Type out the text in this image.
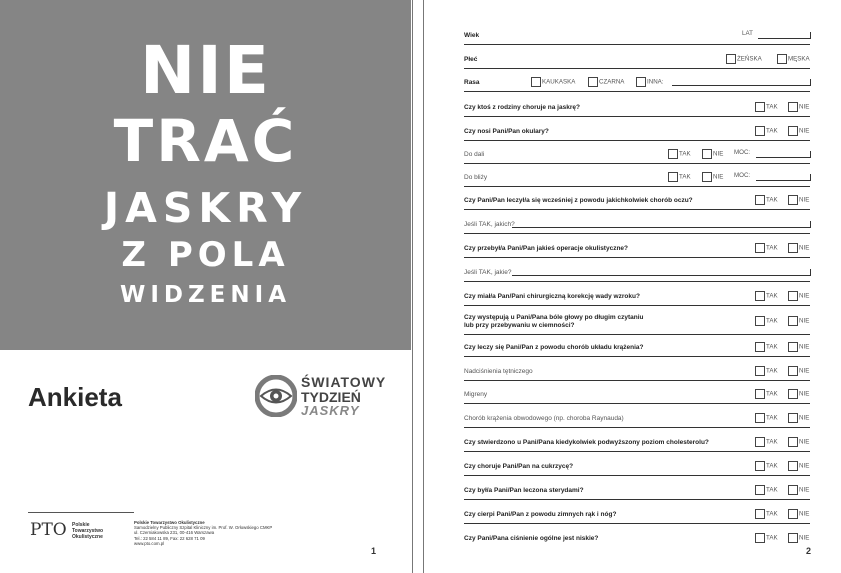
NIE
TRAĆ
JASKRY
Z POLA
WIDZENIA
Ankieta	ŚWIATOWY
TYDZIEŃ
JASKRY
PTO Polskie
Towarzystwo
Okulistyczne
Polskie Towarzystwo Okulistyczne
Samodzielny Publiczny Szpital Kliniczny im. Prof. W. Orłowskiego CMKP
ul. Czerniakowska 231, 00-416 Warszawa
Tel.: 22 584 11 89, Fax: 22 628 71 09
www.pto.com.pl
1
Wiek	LAT
Płeć	ŻEŃSKA	MĘSKA
Rasa	KAUKASKA	CZARNA	INNA:
Czy ktoś z rodziny choruje na jaskrę?	TAK	NIE
Czy nosi Pani/Pan okulary?	TAK	NIE
Do dali	TAK	NIE MOC:
Do bliży	TAK	NIE MOC:
Czy Pani/Pan leczył/a się wcześniej z powodu jakichkolwiek chorób oczu?	TAK	NIE
Jeśli TAK, jakich?
Czy przebył/a Pani/Pan jakieś operacje okulistyczne?	TAK	NIE
Jeśli TAK, jakie?
Czy miał/a Pan/Pani chirurgiczną korekcję wady wzroku?	TAK	NIE
Czy występują u Pani/Pana bóle głowy po długim czytaniu
lub przy przebywaniu w ciemności?
TAK	NIE
Czy leczy się Pani/Pan z powodu chorób układu krążenia?	TAK	NIE
Nadciśnienia tętniczego	TAK	NIE
Migreny	TAK	NIE
Chorób krążenia obwodowego (np. choroba Raynauda)	TAK	NIE
Czy stwierdzono u Pani/Pana kiedykolwiek podwyższony poziom cholesterolu?	TAK	NIE
Czy choruje Pani/Pan na cukrzycę?	TAK	NIE
Czy był/a Pani/Pan leczona sterydami?	TAK	NIE
Czy cierpi Pani/Pan z powodu zimnych rąk i nóg?	TAK	NIE
Czy Pani/Pana ciśnienie ogólne jest niskie?	TAK	NIE
2
